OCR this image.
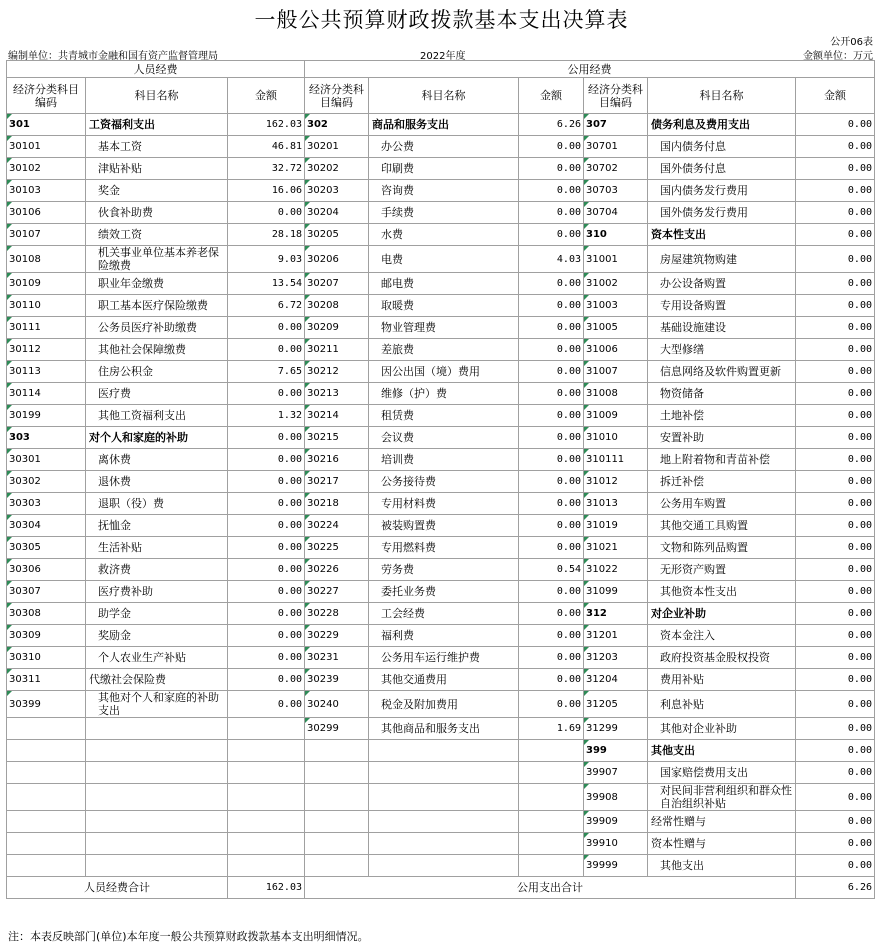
一般公共预算财政拨款基本支出决算表
公开06表
编制单位：共青城市金融和国有资产监督管理局	2022年度	金额单位：万元
人员经费			公用经费					
经济分类科目编码	科目名称	金额	经济分类科目编码	科目名称	金额	经济分类科目编码	科目名称	金额
301	工资福利支出	162.03	302	商品和服务支出	6.26	307	债务利息及费用支出	0.00
30101	基本工资	46.81	30201	办公费	0.00	30701	国内债务付息	0.00
30102	津贴补贴	32.72	30202	印刷费	0.00	30702	国外债务付息	0.00
30103	奖金	16.06	30203	咨询费	0.00	30703	国内债务发行费用	0.00
30106	伙食补助费	0.00	30204	手续费	0.00	30704	国外债务发行费用	0.00
30107	绩效工资	28.18	30205	水费	0.00	310	资本性支出	0.00
30108	机关事业单位基本养老保险缴费	9.03	30206	电费	4.03	31001	房屋建筑物购建	0.00
30109	职业年金缴费	13.54	30207	邮电费	0.00	31002	办公设备购置	0.00
30110	职工基本医疗保险缴费	6.72	30208	取暖费	0.00	31003	专用设备购置	0.00
30111	公务员医疗补助缴费	0.00	30209	物业管理费	0.00	31005	基础设施建设	0.00
30112	其他社会保障缴费	0.00	30211	差旅费	0.00	31006	大型修缮	0.00
30113	住房公积金	7.65	30212	因公出国（境）费用	0.00	31007	信息网络及软件购置更新	0.00
30114	医疗费	0.00	30213	维修（护）费	0.00	31008	物资储备	0.00
30199	其他工资福利支出	1.32	30214	租赁费	0.00	31009	土地补偿	0.00
303	对个人和家庭的补助	0.00	30215	会议费	0.00	31010	安置补助	0.00
30301	离休费	0.00	30216	培训费	0.00	310111	地上附着物和青苗补偿	0.00
30302	退休费	0.00	30217	公务接待费	0.00	31012	拆迁补偿	0.00
30303	退职（役）费	0.00	30218	专用材料费	0.00	31013	公务用车购置	0.00
30304	抚恤金	0.00	30224	被装购置费	0.00	31019	其他交通工具购置	0.00
30305	生活补贴	0.00	30225	专用燃料费	0.00	31021	文物和陈列品购置	0.00
30306	救济费	0.00	30226	劳务费	0.54	31022	无形资产购置	0.00
30307	医疗费补助	0.00	30227	委托业务费	0.00	31099	其他资本性支出	0.00
30308	助学金	0.00	30228	工会经费	0.00	312	对企业补助	0.00
30309	奖励金	0.00	30229	福利费	0.00	31201	资本金注入	0.00
30310	个人农业生产补贴	0.00	30231	公务用车运行维护费	0.00	31203	政府投资基金股权投资	0.00
30311	代缴社会保险费	0.00	30239	其他交通费用	0.00	31204	费用补贴	0.00
30399	其他对个人和家庭的补助支出	0.00	30240	税金及附加费用	0.00	31205	利息补贴	0.00
			30299	其他商品和服务支出	1.69	31299	其他对企业补助	0.00
						399	其他支出	0.00
						39907	国家赔偿费用支出	0.00
						39908	对民间非营利组织和群众性自治组织补贴	0.00
						39909	经常性赠与	0.00
						39910	资本性赠与	0.00
						39999	其他支出	0.00
人员经费合计		162.03	公用支出合计					6.26
注：本表反映部门(单位)本年度一般公共预算财政拨款基本支出明细情况。
